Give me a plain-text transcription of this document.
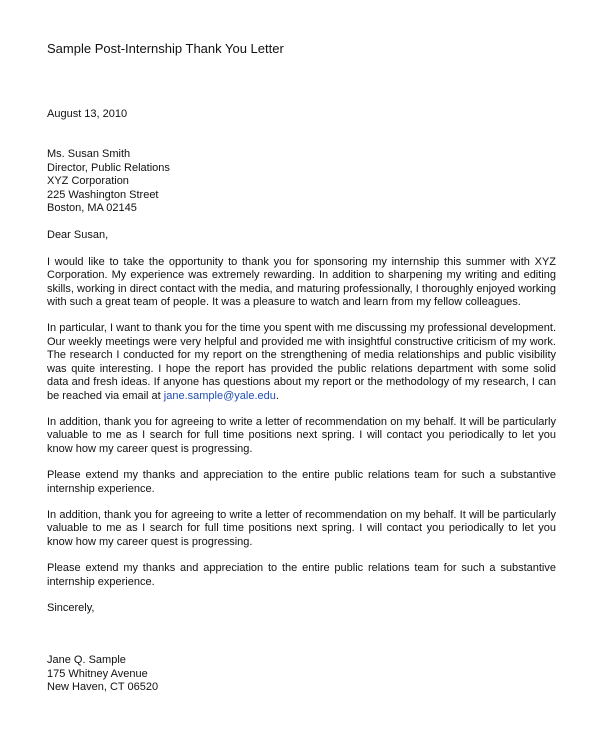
Sample Post-Internship Thank You Letter
August 13, 2010
Ms. Susan Smith
Director, Public Relations
XYZ Corporation
225 Washington Street
Boston, MA 02145
Dear Susan,

I would like to take the opportunity to thank you for sponsoring my internship this summer with XYZ Corporation. My experience was extremely rewarding. In addition to sharpening my writing and editing skills, working in direct contact with the media, and maturing professionally, I thoroughly enjoyed working with such a great team of people. It was a pleasure to watch and learn from my fellow colleagues.

In particular, I want to thank you for the time you spent with me discussing my professional development. Our weekly meetings were very helpful and provided me with insightful constructive criticism of my work. The research I conducted for my report on the strengthening of media relationships and public visibility was quite interesting. I hope the report has provided the public relations department with some solid data and fresh ideas. If anyone has questions about my report or the methodology of my research, I can be reached via email at jane.sample@yale.edu.

In addition, thank you for agreeing to write a letter of recommendation on my behalf. It will be particularly valuable to me as I search for full time positions next spring. I will contact you periodically to let you know how my career quest is progressing.

Please extend my thanks and appreciation to the entire public relations team for such a substantive internship experience.

In addition, thank you for agreeing to write a letter of recommendation on my behalf. It will be particularly valuable to me as I search for full time positions next spring. I will contact you periodically to let you know how my career quest is progressing.

Please extend my thanks and appreciation to the entire public relations team for such a substantive internship experience.

Sincerely,
Jane Q. Sample
175 Whitney Avenue
New Haven, CT 06520
